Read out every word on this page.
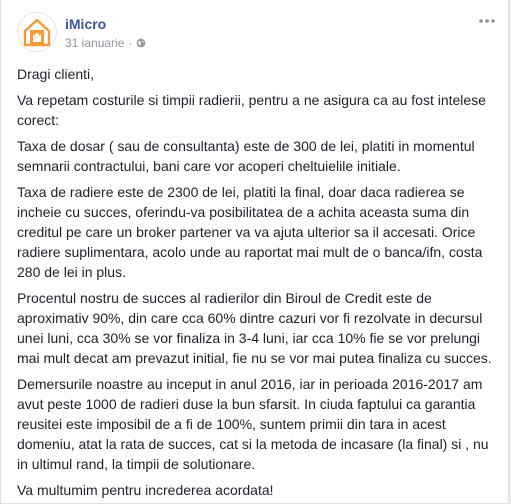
iMicro
31 ianuarie ·

Dragi clienti,

Va repetam costurile si timpii radierii, pentru a ne asigura ca au fost intelese corect:

Taxa de dosar ( sau de consultanta) este de 300 de lei, platiti in momentul semnarii contractului, bani care vor acoperi cheltuielile initiale.

Taxa de radiere este de 2300 de lei, platiti la final, doar daca radierea se incheie cu succes, oferindu-va posibilitatea de a achita aceasta suma din creditul pe care un broker partener va va ajuta ulterior sa il accesati. Orice radiere suplimentara, acolo unde au raportat mai mult de o banca/ifn, costa 280 de lei in plus.

Procentul nostru de succes al radierilor din Biroul de Credit este de aproximativ 90%, din care cca 60% dintre cazuri vor fi rezolvate in decursul unei luni, cca 30% se vor finaliza in 3-4 luni, iar cca 10% fie se vor prelungi mai mult decat am prevazut initial, fie nu se vor mai putea finaliza cu succes.

Demersurile noastre au inceput in anul 2016, iar in perioada 2016-2017 am avut peste 1000 de radieri duse la bun sfarsit. In ciuda faptului ca garantia reusitei este imposibil de a fi de 100%, suntem primii din tara in acest domeniu, atat la rata de succes, cat si la metoda de incasare (la final) si , nu in ultimul rand, la timpii de solutionare.

Va multumim pentru increderea acordata!
